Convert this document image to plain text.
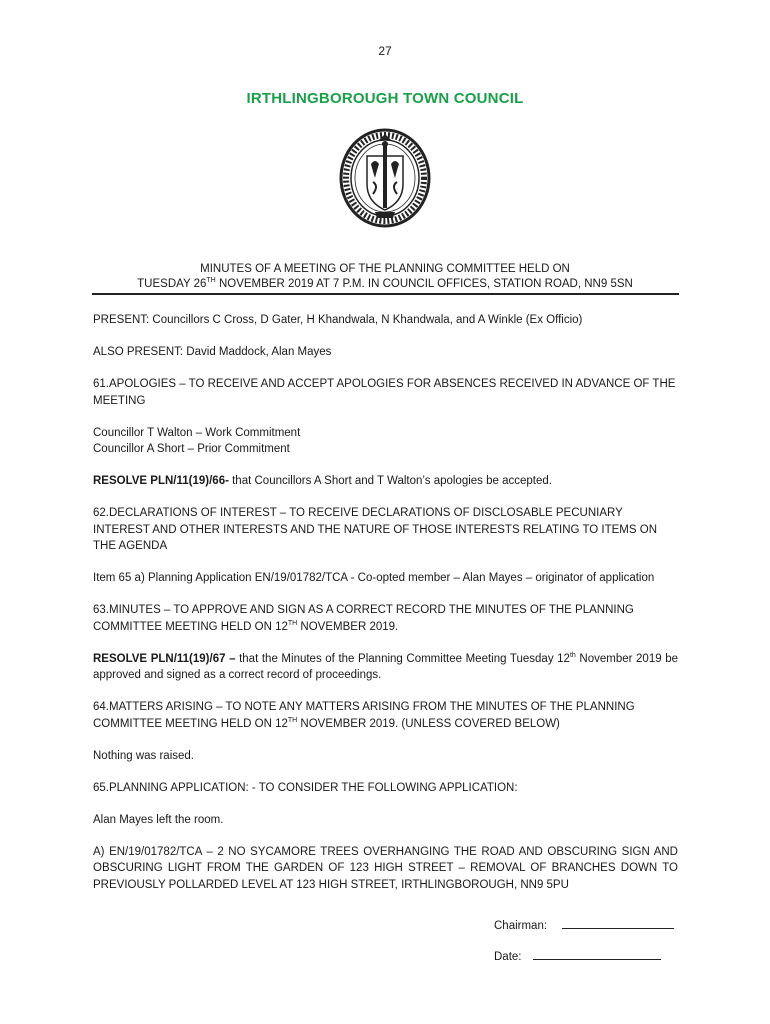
27
IRTHLINGBOROUGH TOWN COUNCIL
MINUTES OF A MEETING OF THE PLANNING COMMITTEE HELD ON
TUESDAY 26TH NOVEMBER 2019 AT 7 P.M. IN COUNCIL OFFICES, STATION ROAD, NN9 5SN

PRESENT: Councillors C Cross, D Gater, H Khandwala, N Khandwala, and A Winkle (Ex Officio)

ALSO PRESENT: David Maddock, Alan Mayes

61.APOLOGIES – TO RECEIVE AND ACCEPT APOLOGIES FOR ABSENCES RECEIVED IN ADVANCE OF THE MEETING

Councillor T Walton – Work Commitment
Councillor A Short – Prior Commitment

RESOLVE PLN/11(19)/66- that Councillors A Short and T Walton’s apologies be accepted.

62.DECLARATIONS OF INTEREST – TO RECEIVE DECLARATIONS OF DISCLOSABLE PECUNIARY INTEREST AND OTHER INTERESTS AND THE NATURE OF THOSE INTERESTS RELATING TO ITEMS ON THE AGENDA

Item 65 a) Planning Application EN/19/01782/TCA - Co-opted member – Alan Mayes – originator of application

63.MINUTES – TO APPROVE AND SIGN AS A CORRECT RECORD THE MINUTES OF THE PLANNING COMMITTEE MEETING HELD ON 12TH NOVEMBER 2019.

RESOLVE PLN/11(19)/67 – that the Minutes of the Planning Committee Meeting Tuesday 12th November 2019 be approved and signed as a correct record of proceedings.

64.MATTERS ARISING – TO NOTE ANY MATTERS ARISING FROM THE MINUTES OF THE PLANNING COMMITTEE MEETING HELD ON 12TH NOVEMBER 2019. (UNLESS COVERED BELOW)

Nothing was raised.

65.PLANNING APPLICATION: - TO CONSIDER THE FOLLOWING APPLICATION:

Alan Mayes left the room.

A) EN/19/01782/TCA – 2 NO SYCAMORE TREES OVERHANGING THE ROAD AND OBSCURING SIGN AND OBSCURING LIGHT FROM THE GARDEN OF 123 HIGH STREET – REMOVAL OF BRANCHES DOWN TO PREVIOUSLY POLLARDED LEVEL AT 123 HIGH STREET, IRTHLINGBOROUGH, NN9 5PU

Chairman:
Date:
